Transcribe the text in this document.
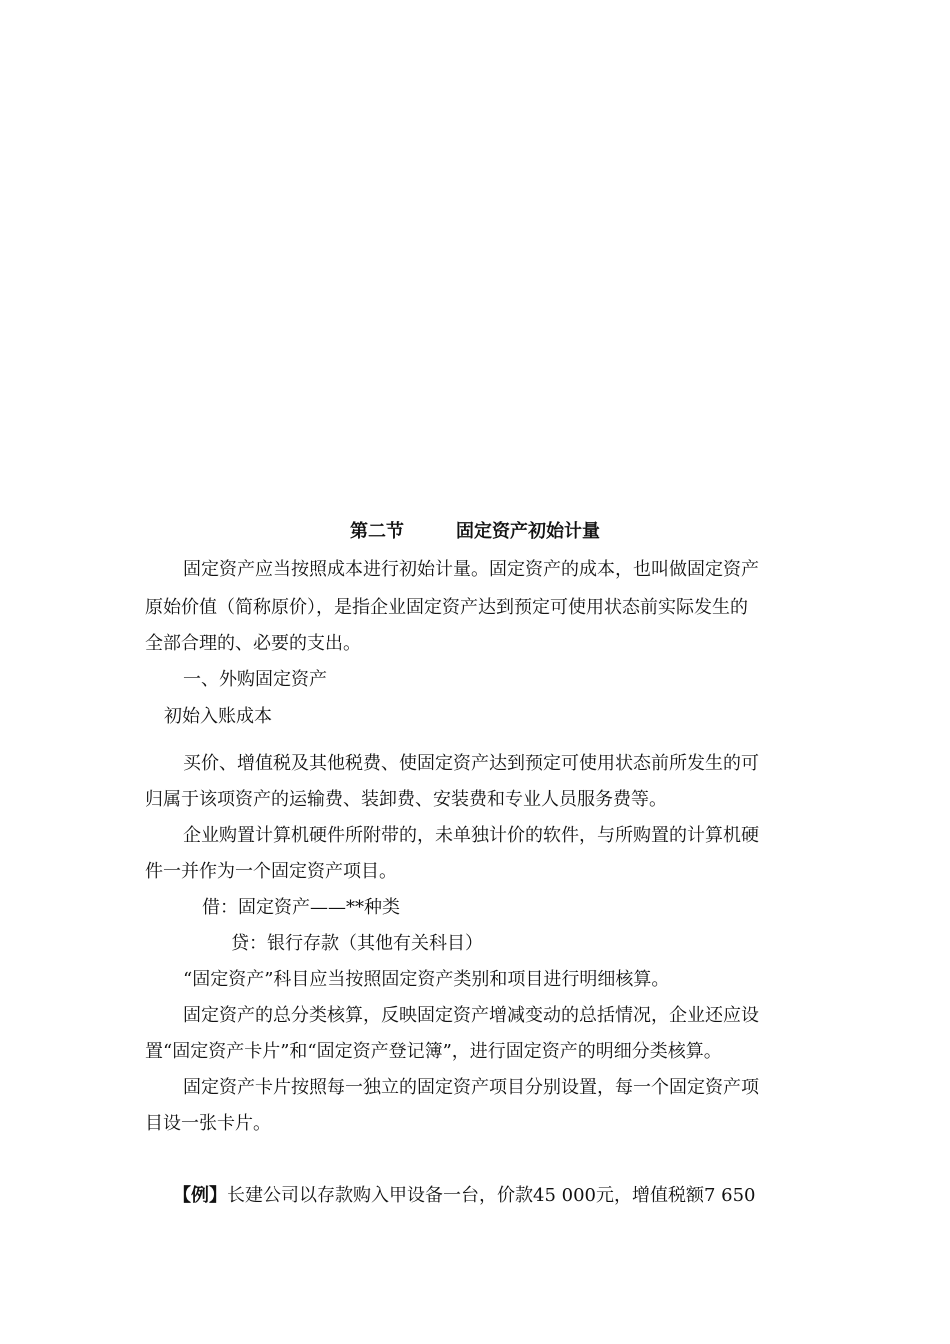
第二节	固定资产初始计量
固定资产应当按照成本进行初始计量。固定资产的成本，也叫做固定资产
原始价值（简称原价），是指企业固定资产达到预定可使用状态前实际发生的
全部合理的、必要的支出。
一、外购固定资产
初始入账成本
买价、增值税及其他税费、使固定资产达到预定可使用状态前所发生的可
归属于该项资产的运输费、装卸费、安装费和专业人员服务费等。
企业购置计算机硬件所附带的，未单独计价的软件，与所购置的计算机硬
件一并作为一个固定资产项目。
借：固定资产——**种类
贷：银行存款（其他有关科目）
“固定资产”科目应当按照固定资产类别和项目进行明细核算。
固定资产的总分类核算，反映固定资产增减变动的总括情况，企业还应设
置“固定资产卡片”和“固定资产登记簿”，进行固定资产的明细分类核算。
固定资产卡片按照每一独立的固定资产项目分别设置，每一个固定资产项
目设一张卡片。
【例】长建公司以存款购入甲设备一台，价款45 000元，增值税额7 650
